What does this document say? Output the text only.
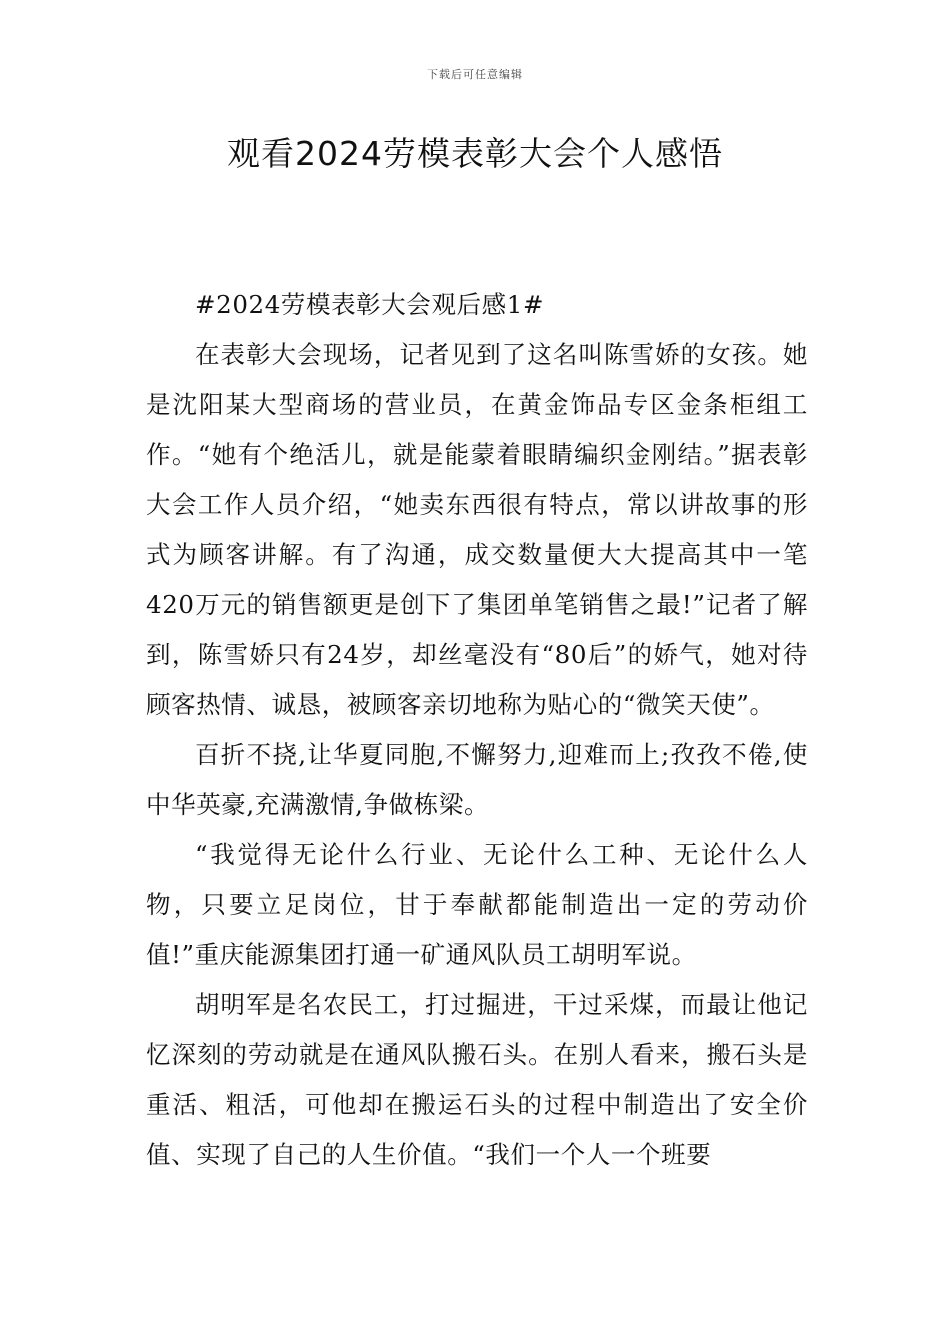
下载后可任意编辑
观看2024劳模表彰大会个人感悟

#2024劳模表彰大会观后感1#

在表彰大会现场，记者见到了这名叫陈雪娇的女孩。她是沈阳某大型商场的营业员，在黄金饰品专区金条柜组工作。“她有个绝活儿，就是能蒙着眼睛编织金刚结。”据表彰大会工作人员介绍，“她卖东西很有特点，常以讲故事的形式为顾客讲解。有了沟通，成交数量便大大提高其中一笔420万元的销售额更是创下了集团单笔销售之最!”记者了解到，陈雪娇只有24岁，却丝毫没有“80后”的娇气，她对待顾客热情、诚恳，被顾客亲切地称为贴心的“微笑天使”。

百折不挠,让华夏同胞,不懈努力,迎难而上;孜孜不倦,使中华英豪,充满激情,争做栋梁。

“我觉得无论什么行业、无论什么工种、无论什么人物，只要立足岗位，甘于奉献都能制造出一定的劳动价值!”重庆能源集团打通一矿通风队员工胡明军说。

胡明军是名农民工，打过掘进，干过采煤，而最让他记忆深刻的劳动就是在通风队搬石头。在别人看来，搬石头是重活、粗活，可他却在搬运石头的过程中制造出了安全价值、实现了自己的人生价值。“我们一个人一个班要
